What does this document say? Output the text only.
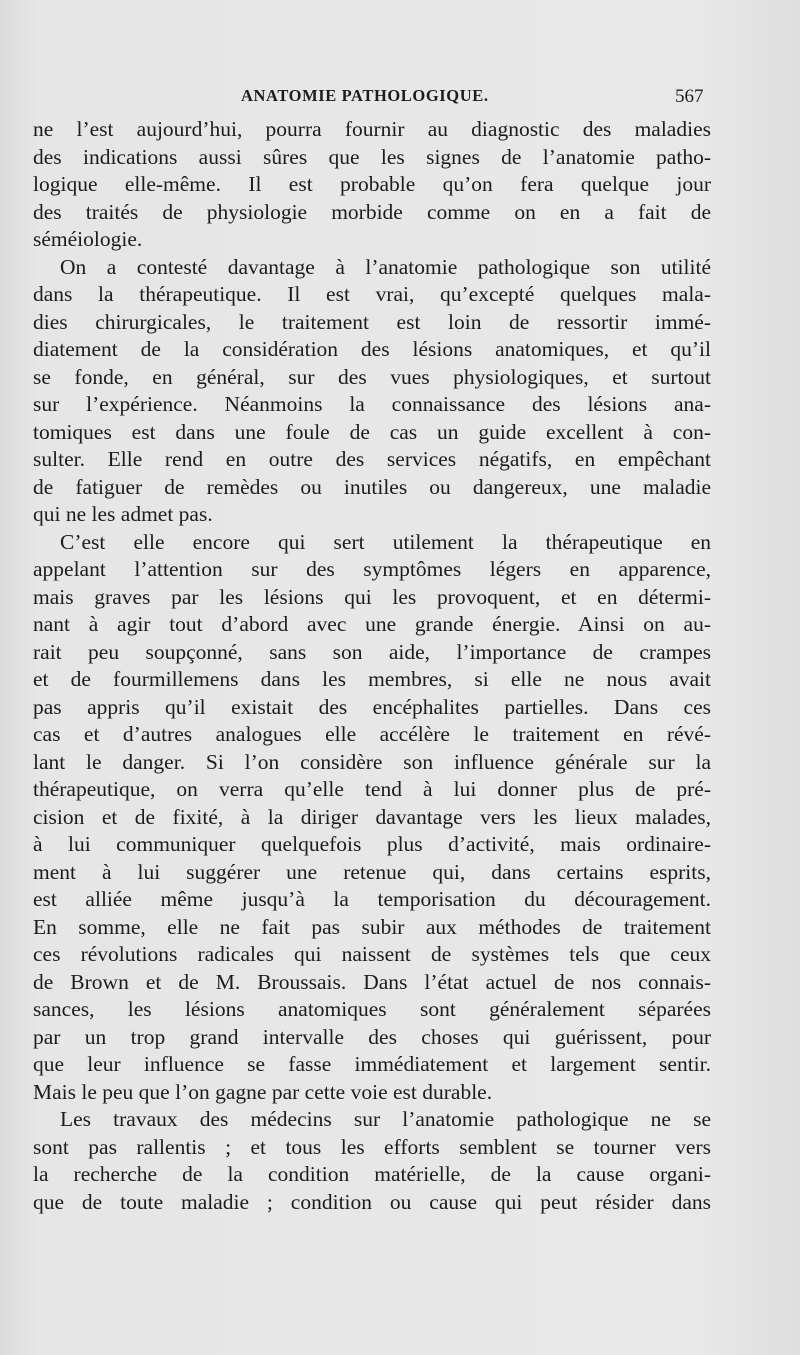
ANATOMIE PATHOLOGIQUE.	567
ne l’est aujourd’hui, pourra fournir au diagnostic des maladies
des indications aussi sûres que les signes de l’anatomie patho-
logique elle-même. Il est probable qu’on fera quelque jour
des traités de physiologie morbide comme on en a fait de
séméiologie.
On a contesté davantage à l’anatomie pathologique son utilité
dans la thérapeutique. Il est vrai, qu’excepté quelques mala-
dies chirurgicales, le traitement est loin de ressortir immé-
diatement de la considération des lésions anatomiques, et qu’il
se fonde, en général, sur des vues physiologiques, et surtout
sur l’expérience. Néanmoins la connaissance des lésions ana-
tomiques est dans une foule de cas un guide excellent à con-
sulter. Elle rend en outre des services négatifs, en empêchant
de fatiguer de remèdes ou inutiles ou dangereux, une maladie
qui ne les admet pas.
C’est elle encore qui sert utilement la thérapeutique en
appelant l’attention sur des symptômes légers en apparence,
mais graves par les lésions qui les provoquent, et en détermi-
nant à agir tout d’abord avec une grande énergie. Ainsi on au-
rait peu soupçonné, sans son aide, l’importance de crampes
et de fourmillemens dans les membres, si elle ne nous avait
pas appris qu’il existait des encéphalites partielles. Dans ces
cas et d’autres analogues elle accélère le traitement en révé-
lant le danger. Si l’on considère son influence générale sur la
thérapeutique, on verra qu’elle tend à lui donner plus de pré-
cision et de fixité, à la diriger davantage vers les lieux malades,
à lui communiquer quelquefois plus d’activité, mais ordinaire-
ment à lui suggérer une retenue qui, dans certains esprits,
est alliée même jusqu’à la temporisation du découragement.
En somme, elle ne fait pas subir aux méthodes de traitement
ces révolutions radicales qui naissent de systèmes tels que ceux
de Brown et de M. Broussais. Dans l’état actuel de nos connais-
sances, les lésions anatomiques sont généralement séparées
par un trop grand intervalle des choses qui guérissent, pour
que leur influence se fasse immédiatement et largement sentir.
Mais le peu que l’on gagne par cette voie est durable.
Les travaux des médecins sur l’anatomie pathologique ne se
sont pas rallentis ; et tous les efforts semblent se tourner vers
la recherche de la condition matérielle, de la cause organi-
que de toute maladie ; condition ou cause qui peut résider dans
